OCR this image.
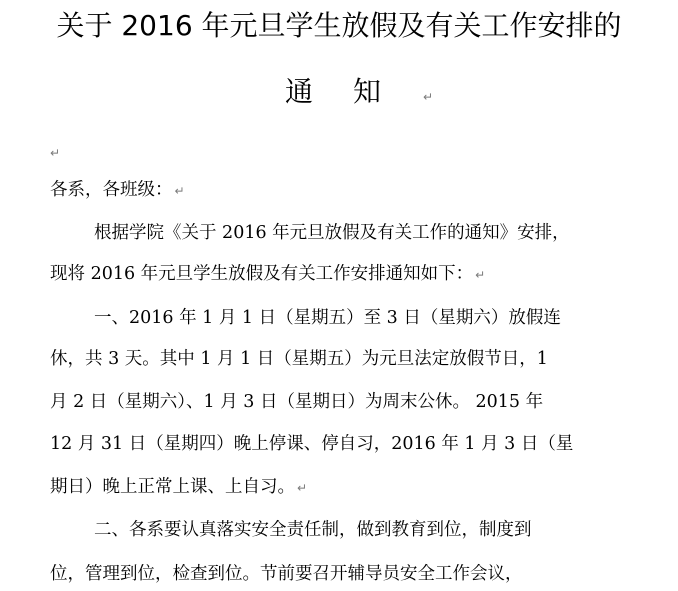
关于 2016 年元旦学生放假及有关工作安排的
通知 ↵
↵
各系，各班级： ↵
根据学院《关于 2016 年元旦放假及有关工作的通知》安排，
现将 2016 年元旦学生放假及有关工作安排通知如下： ↵
一、2016 年 1 月 1 日（星期五）至 3 日（星期六）放假连
休，共 3 天。其中 1 月 1 日（星期五）为元旦法定放假节日，1
月 2 日（星期六）、1 月 3 日（星期日）为周末公休。 2015 年
12 月 31 日（星期四）晚上停课、停自习，2016 年 1 月 3 日（星
期日）晚上正常上课、上自习。 ↵
二、各系要认真落实安全责任制，做到教育到位，制度到
位，管理到位，检查到位。节前要召开辅导员安全工作会议，
